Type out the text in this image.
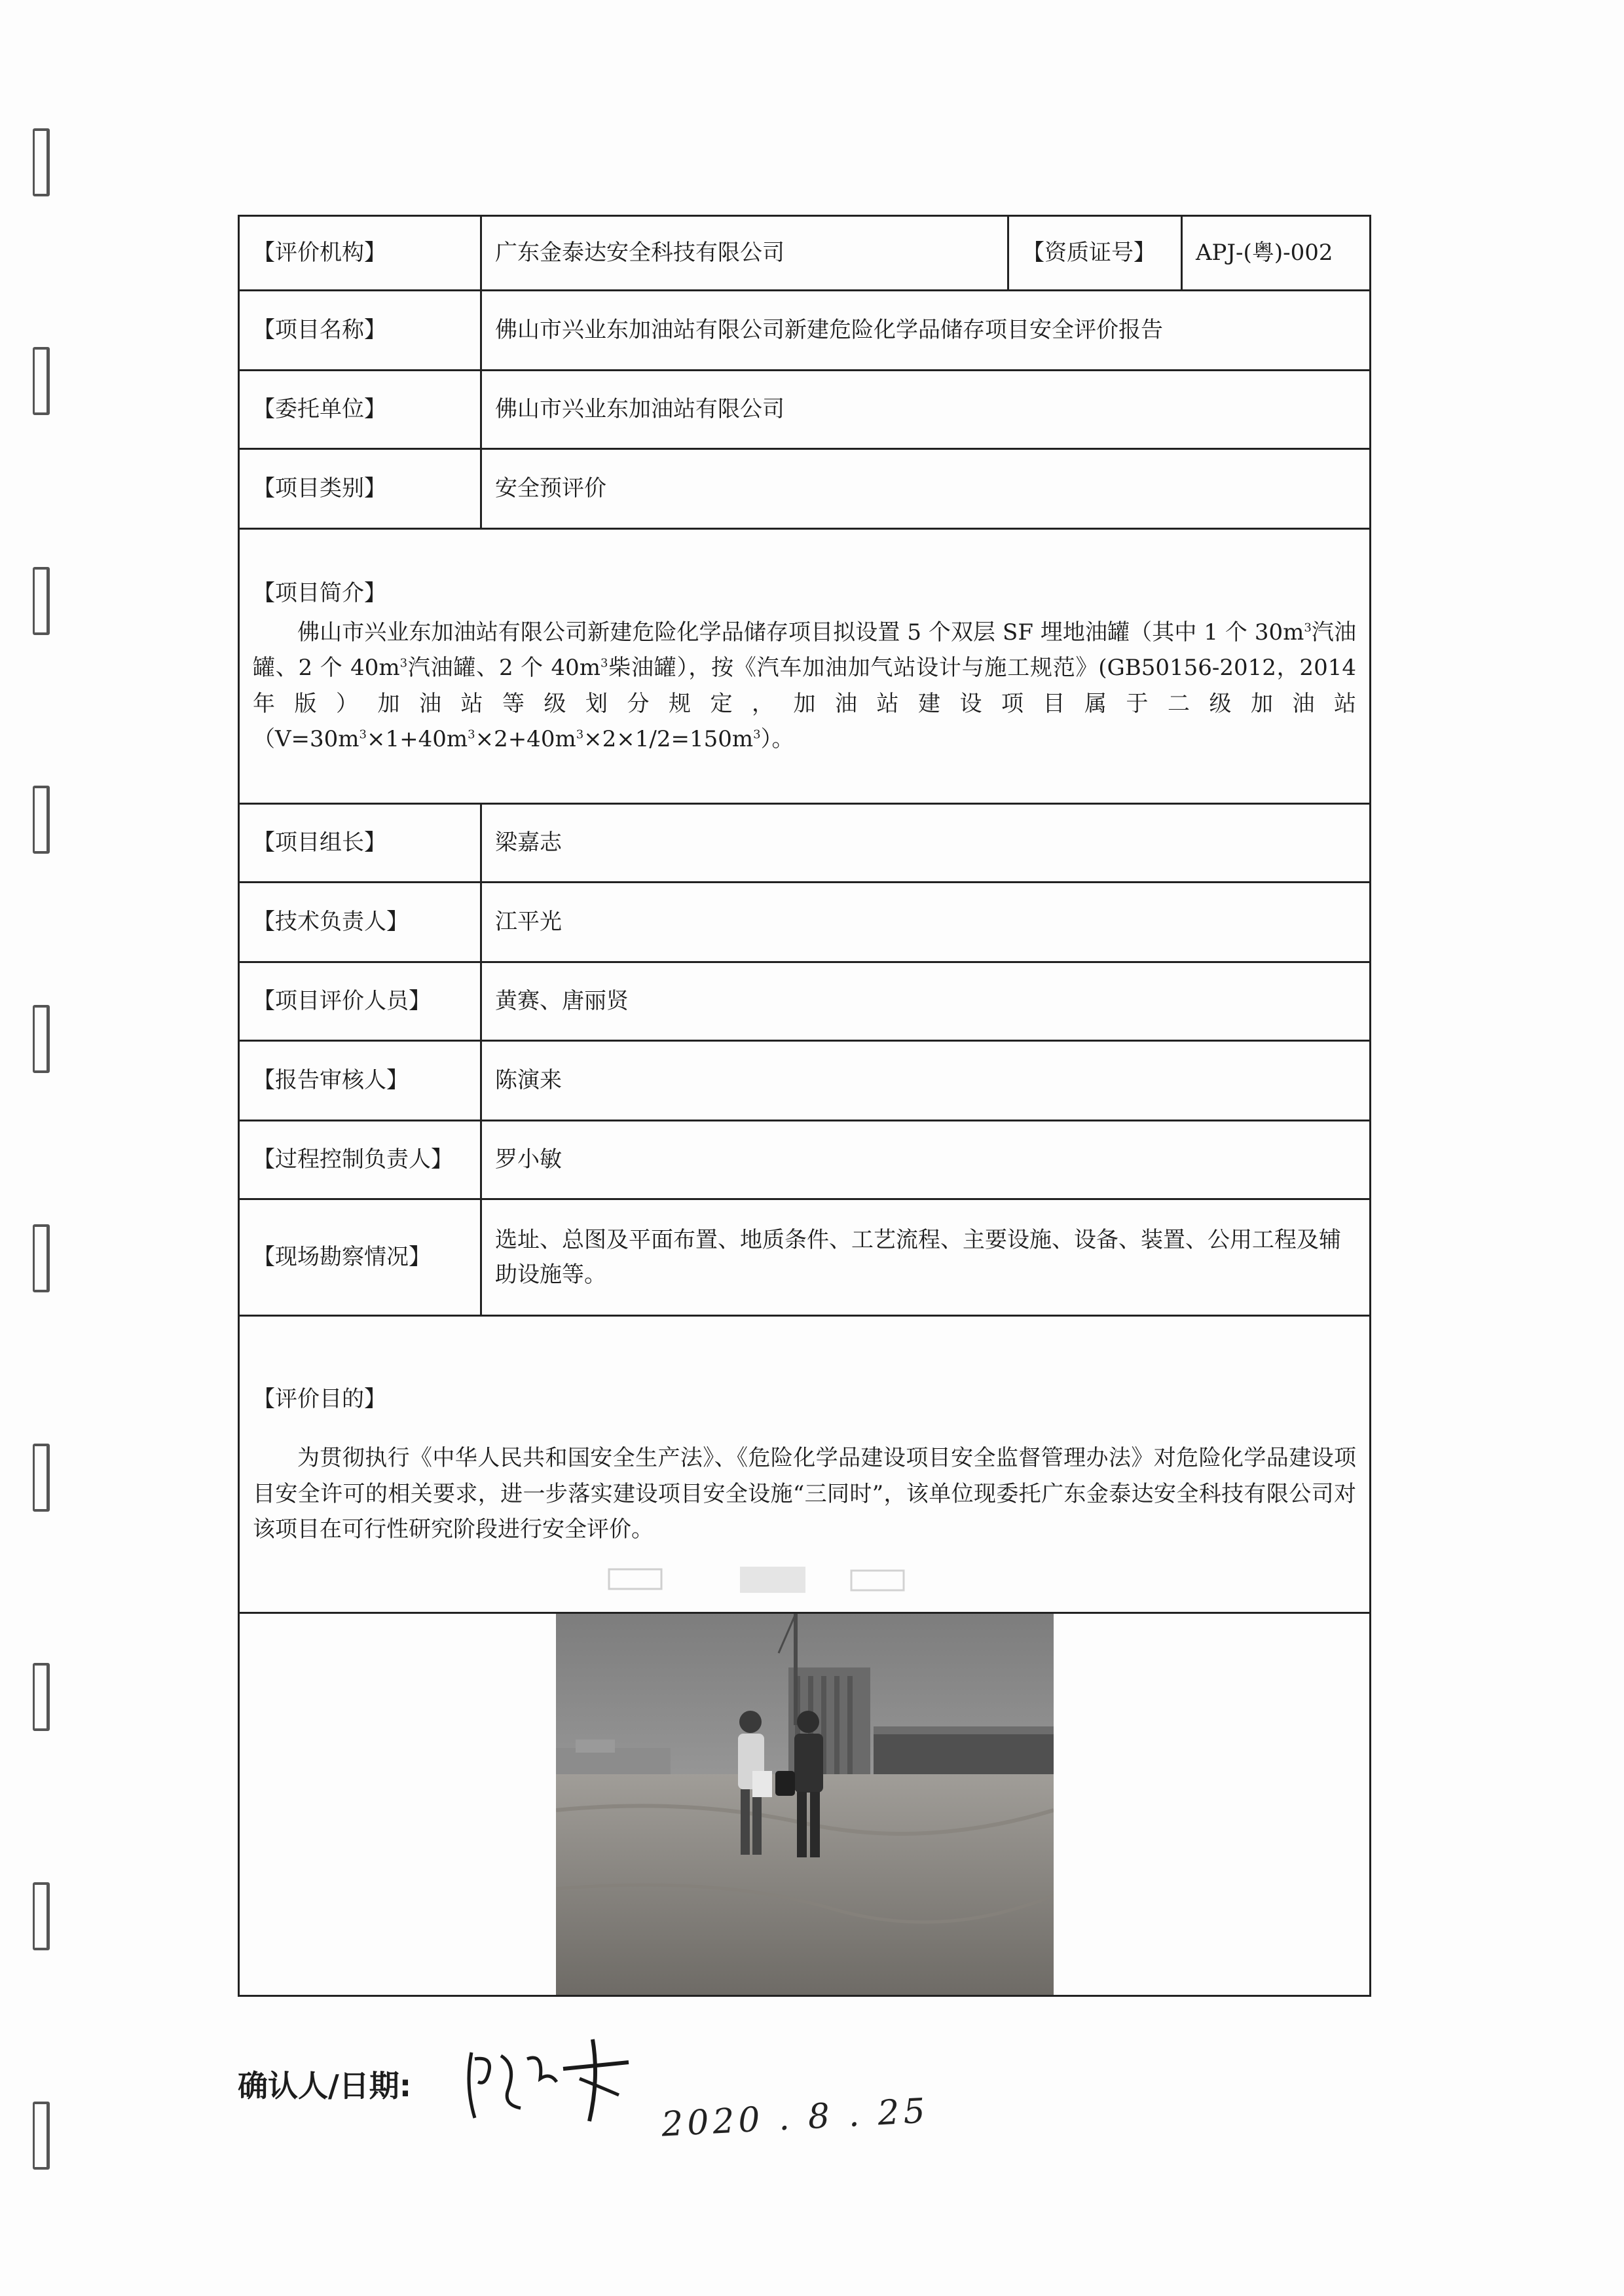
【评价机构】	广东金泰达安全科技有限公司	【资质证号】	APJ-(粤)-002
【项目名称】	佛山市兴业东加油站有限公司新建危险化学品储存项目安全评价报告		
【委托单位】	佛山市兴业东加油站有限公司		
【项目类别】	安全预评价		

【项目简介】

佛山市兴业东加油站有限公司新建危险化学品储存项目拟设置 5 个双层 SF 埋地油罐（其中 1 个 $30m^3$汽油罐、2 个 $40m^3$汽油罐、2 个 $40m^3$柴油罐），按《汽车加油加气站设计与施工规范》(GB50156-2012，2014 年版）加油站等级划分规定，加油站建设项目属于二级加油站$(V=30m^3\times 1+40m^3\times 2+40m^3\times 2\times 1/2=150m^3)$。			

【项目组长】	梁嘉志		
【技术负责人】	江平光		
【项目评价人员】	黄赛、唐丽贤		
【报告审核人】	陈演来		
【过程控制负责人】	罗小敏		
【现场勘察情况】	选址、总图及平面布置、地质条件、工艺流程、主要设施、设备、装置、公用工程及辅助设施等。		

【评价目的】

为贯彻执行《中华人民共和国安全生产法》、《危险化学品建设项目安全监督管理办法》对危险化学品建设项目安全许可的相关要求，进一步落实建设项目安全设施“三同时”，该单位现委托广东金泰达安全科技有限公司对该项目在可行性研究阶段进行安全评价。			

确认人/日期:
2020 . 8 . 25
